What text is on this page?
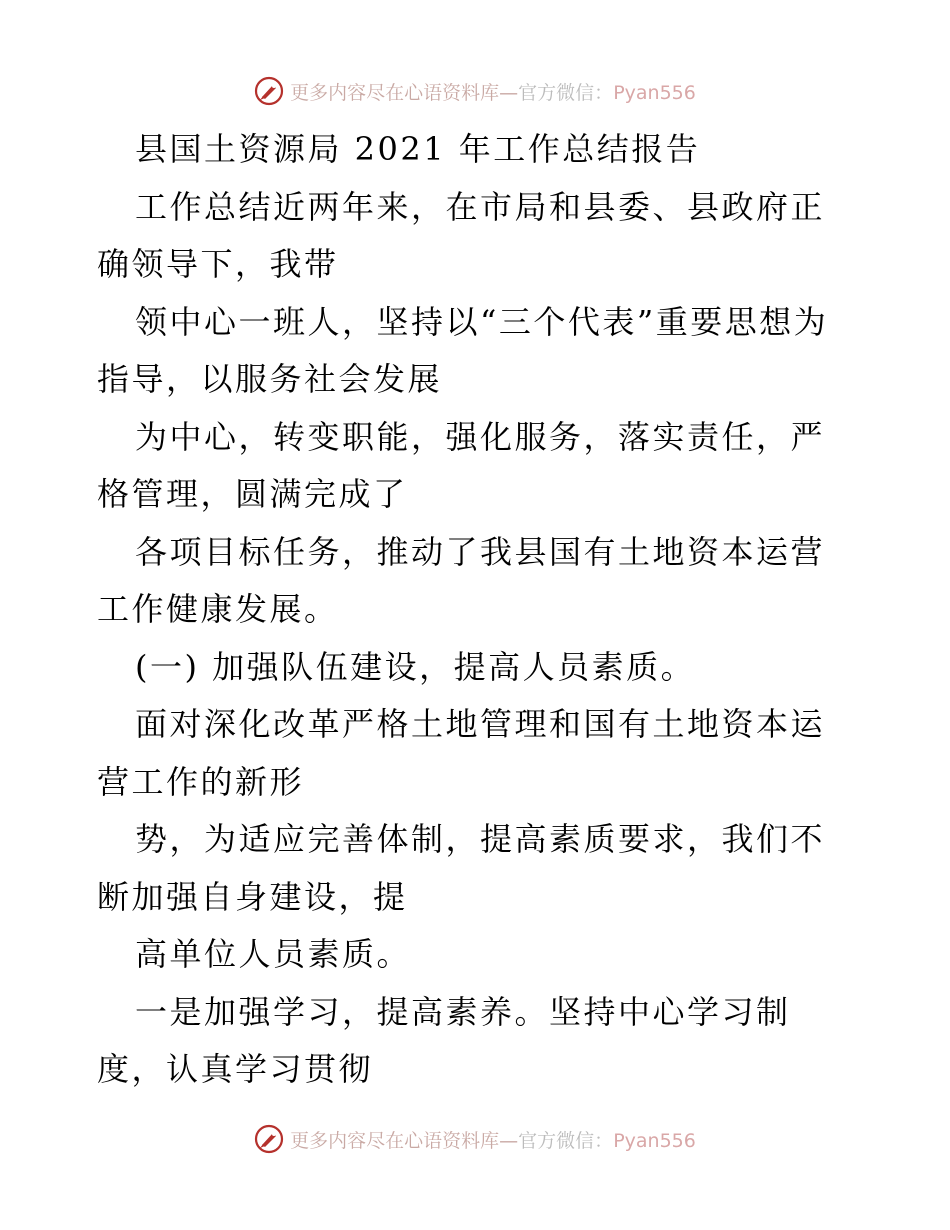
更多内容尽在心语资料库—官方微信：Pyan556

县国土资源局 2021 年工作总结报告

工作总结近两年来，在市局和县委、县政府正确领导下，我带

领中心一班人，坚持以“三个代表”重要思想为指导，以服务社会发展

为中心，转变职能，强化服务，落实责任，严格管理，圆满完成了

各项目标任务，推动了我县国有土地资本运营工作健康发展。

(一) 加强队伍建设，提高人员素质。

面对深化改革严格土地管理和国有土地资本运营工作的新形

势，为适应完善体制，提高素质要求，我们不断加强自身建设，提

高单位人员素质。

一是加强学习，提高素养。坚持中心学习制度，认真学习贯彻

更多内容尽在心语资料库—官方微信：Pyan556
